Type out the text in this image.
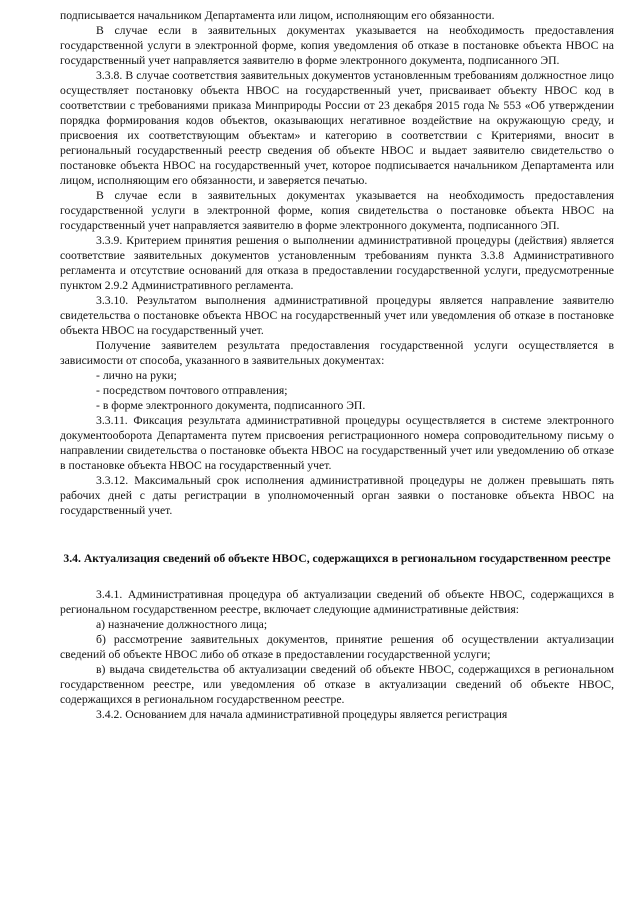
подписывается начальником Департамента или лицом, исполняющим его обязанности.

В случае если в заявительных документах указывается на необходимость предоставления государственной услуги в электронной форме, копия уведомления об отказе в постановке объекта НВОС на государственный учет направляется заявителю в форме электронного документа, подписанного ЭП.

3.3.8. В случае соответствия заявительных документов установленным требованиям должностное лицо осуществляет постановку объекта НВОС на государственный учет, присваивает объекту НВОС код в соответствии с требованиями приказа Минприроды России от 23 декабря 2015 года № 553 «Об утверждении порядка формирования кодов объектов, оказывающих негативное воздействие на окружающую среду, и присвоения их соответствующим объектам» и категорию в соответствии с Критериями, вносит в региональный государственный реестр сведения об объекте НВОС и выдает заявителю свидетельство о постановке объекта НВОС на государственный учет, которое подписывается начальником Департамента или лицом, исполняющим его обязанности, и заверяется печатью.

В случае если в заявительных документах указывается на необходимость предоставления государственной услуги в электронной форме, копия свидетельства о постановке объекта НВОС на государственный учет направляется заявителю в форме электронного документа, подписанного ЭП.

3.3.9. Критерием принятия решения о выполнении административной процедуры (действия) является соответствие заявительных документов установленным требованиям пункта 3.3.8 Административного регламента и отсутствие оснований для отказа в предоставлении государственной услуги, предусмотренные пунктом 2.9.2 Административного регламента.

3.3.10. Результатом выполнения административной процедуры является направление заявителю свидетельства о постановке объекта НВОС на государственный учет или уведомления об отказе в постановке объекта НВОС на государственный учет.

Получение заявителем результата предоставления государственной услуги осуществляется в зависимости от способа, указанного в заявительных документах:

- лично на руки;

- посредством почтового отправления;

- в форме электронного документа, подписанного ЭП.

3.3.11. Фиксация результата административной процедуры осуществляется в системе электронного документооборота Департамента путем присвоения регистрационного номера сопроводительному письму о направлении свидетельства о постановке объекта НВОС на государственный учет или уведомлению об отказе в постановке объекта НВОС на государственный учет.

3.3.12. Максимальный срок исполнения административной процедуры не должен превышать пять рабочих дней с даты регистрации в уполномоченный орган заявки о постановке объекта НВОС на государственный учет.

3.4. Актуализация сведений об объекте НВОС, содержащихся в региональном государственном реестре

3.4.1. Административная процедура об актуализации сведений об объекте НВОС, содержащихся в региональном государственном реестре, включает следующие административные действия:

а) назначение должностного лица;

б) рассмотрение заявительных документов, принятие решения об осуществлении актуализации сведений об объекте НВОС либо об отказе в предоставлении государственной услуги;

в) выдача свидетельства об актуализации сведений об объекте НВОС, содержащихся в региональном государственном реестре, или уведомления об отказе в актуализации сведений об объекте НВОС, содержащихся в региональном государственном реестре.

3.4.2. Основанием для начала административной процедуры является регистрация
